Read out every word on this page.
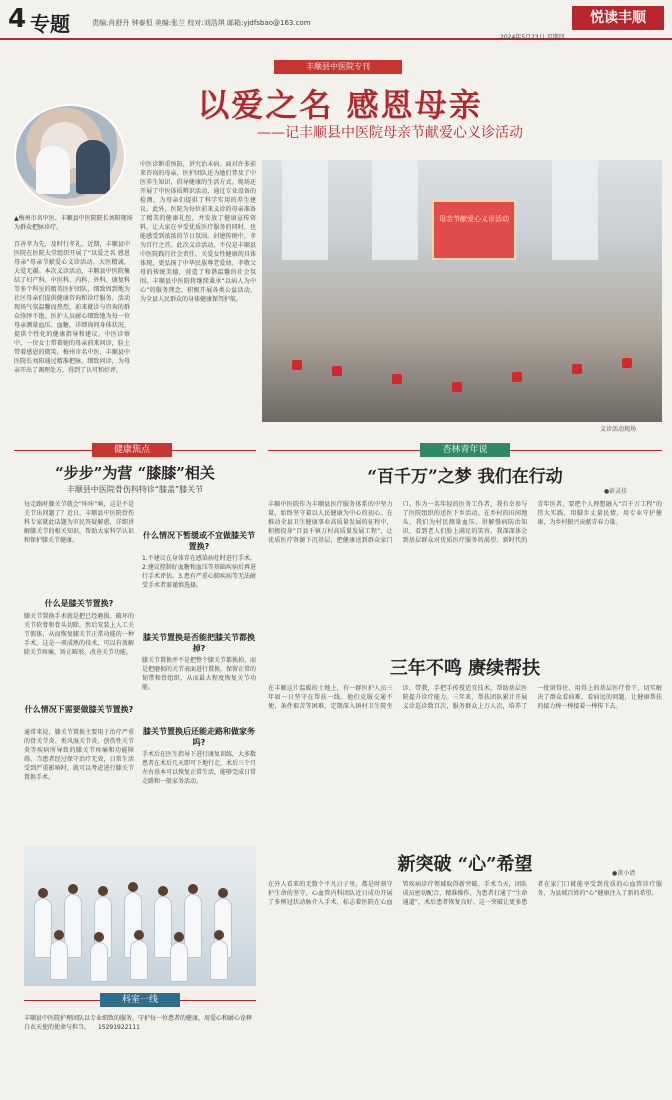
4 专题	责编:肖舒丹 钟泰恒 美编:张兰 校对:刘浩琪 邮箱:yjdfsbao@163.com	悦读丰顺
2024年5月23日 星期四
丰顺县中医院专刊
以爱之名 感恩母亲
——记丰顺县中医院母亲节献爱心义诊活动
▲梅州市名中医、丰顺县中医院院长刘阳现场为群众把脉诊疗。
百善孝为先，及时行孝礼。近期，丰顺县中医院在医院大堂组织开展了“以爱之名 感恩母亲”母亲节献爱心义诊活动。大医精诚，大爱无疆。本次义诊活动，丰顺县中医院集结了妇产科、中医科、内科、外科、康复科等多个科室的精英医护团队，细致周到地为社区母亲们提供健康咨询和诊疗服务。活动现场气氛温馨而热烈，前来就诊与咨询的群众络绎不绝。医护人员耐心细致地为每一位母亲测量血压、血糖，详细询问身体状况，提供个性化的健康指导和建议。中医诊察中，一位女士带着她的母亲前来问诊，脸上带着感恩的微笑。梅州市名中医、丰顺县中医院长刘阳通过精准把脉，细致问诊，为母亲开出了调理处方，得到了认可和好评。
中医诊断重预防，讲究治未病。面对许多前来咨询的母亲，医护团队还为她们普及了中医养生知识，倡导健康的生活方式。现场还开展了中医体质辨识活动，通过专业设备的检测，为母亲们提供了科学实用的养生建议。此外，医院为每位前来义诊的母亲准备了精美的健康礼包，并发放了健康宣传资料，让大家在享受优质医疗服务的同时，也能感受到浓浓的节日氛围。封建传统中，孝为百行之首。此次义诊活动，不仅是丰顺县中医院践行社会责任、关爱女性健康的具体体现，更弘扬了中华民族尊老爱幼、孝敬父母的传统美德，营造了和谐温馨的社会氛围。丰顺县中医院将继续秉承“以病人为中心”的服务理念，积极开展各类公益活动，为全县人民群众的身体健康保驾护航。
母亲节献爱心义诊活动
义诊活动现场
健康焦点
“步步”为营 “膝膝”相关
丰顺县中医院骨伤科特诊“膝盖”膝关节
每走路时膝关节就会“咔咔”响，这是不是关节出问题了？近日，丰顺县中医院骨伤科专家就此话题为市民答疑解惑，详细讲解膝关节的相关知识，帮助大家科学认识和保护膝关节健康。
什么是膝关节置换?
膝关节置换手术就是把已经磨损、破坏的关节软骨和骨头切除，然后安装上人工关节假体，从而恢复膝关节正常功能的一种手术。这是一项成熟的技术，可以有效解除关节疼痛，矫正畸形，改善关节功能。
什么情况下需要做膝关节置换?
通常来说，膝关节置换主要用于治疗严重的骨关节炎、类风湿关节炎、创伤性关节炎等疾病所导致的膝关节疼痛和功能障碍。当患者经过保守治疗无效，日常生活受到严重影响时，就可以考虑进行膝关节置换手术。
什么情况下暂缓或不宜做膝关节置换?
1.不建议在身体存在感染病灶时进行手术。2.建议控制好血糖和血压等基础疾病后再进行手术评估。3.患有严重心肺疾病等无法耐受手术者需谨慎选择。
膝关节置换是否能把膝关节都换掉?
膝关节置换并不是把整个膝关节都换掉，而是把磨损的关节表面进行置换，保留正常的韧带和骨组织，从而最大程度恢复关节功能。
膝关节置换后还能走路和做家务吗?
手术后在医生指导下进行康复训练，大多数患者在术后几天即可下地行走，术后三个月左右基本可以恢复正常生活，能够完成日常走路和一般家务活动。
科室一线
丰顺县中医院护理团队以专业细致的服务，守护每一位患者的健康，用爱心和耐心诠释白衣天使的使命与担当。 15291922111
杏林青年说
“百千万”之梦 我们在行动
●彭灵佳
丰顺中医院作为丰顺县医疗服务体系的中坚力量，始终坚守着以人民健康为中心的初心。在推动全县卫生健康事业高质量发展的征程中，积极投身“百县千镇万村高质量发展工程”，让优质医疗资源下沉基层，把健康送到群众家门口。作为一名年轻的医务工作者，我有幸参与了医院组织的送医下乡活动。在乡村的田间地头，我们为村民测量血压、讲解慢病防治知识，看到老人们脸上满足的笑容，我深深体会到基层群众对优质医疗服务的渴望。新时代的青年医者，要把个人理想融入“百千万工程”的伟大实践，用脚步丈量民情，用专业守护健康，为乡村振兴贡献青春力量。
三年不鸣 赓续帮扶
在丰顺这片温暖的土地上，有一群医护人员三年如一日坚守在帮扶一线。他们克服交通不便、条件艰苦等困难，定期深入镇村卫生院坐诊、带教，手把手传授适宜技术，帮助基层医院提升诊疗能力。三年来，帮扶团队累计开展义诊巡诊数百次，服务群众上万人次，培养了一批留得住、用得上的基层医疗骨干，切实解决了群众看病难、看病远的问题，让健康帮扶的接力棒一棒接着一棒传下去。
新突破 “心”希望	●黄小清
在外人看来的无数个平凡日子里，都是时刻守护生命的坚守。心血管内科团队近日成功开展了多例冠状动脉介入手术，标志着医院在心血管疾病诊疗领域取得新突破。手术当天，团队成员密切配合，精准操作，为患者打通了“生命通道”，术后患者恢复良好。这一突破让更多患者在家门口就能享受到优质的心血管诊疗服务，为县域百姓的“心”健康注入了新的希望。
